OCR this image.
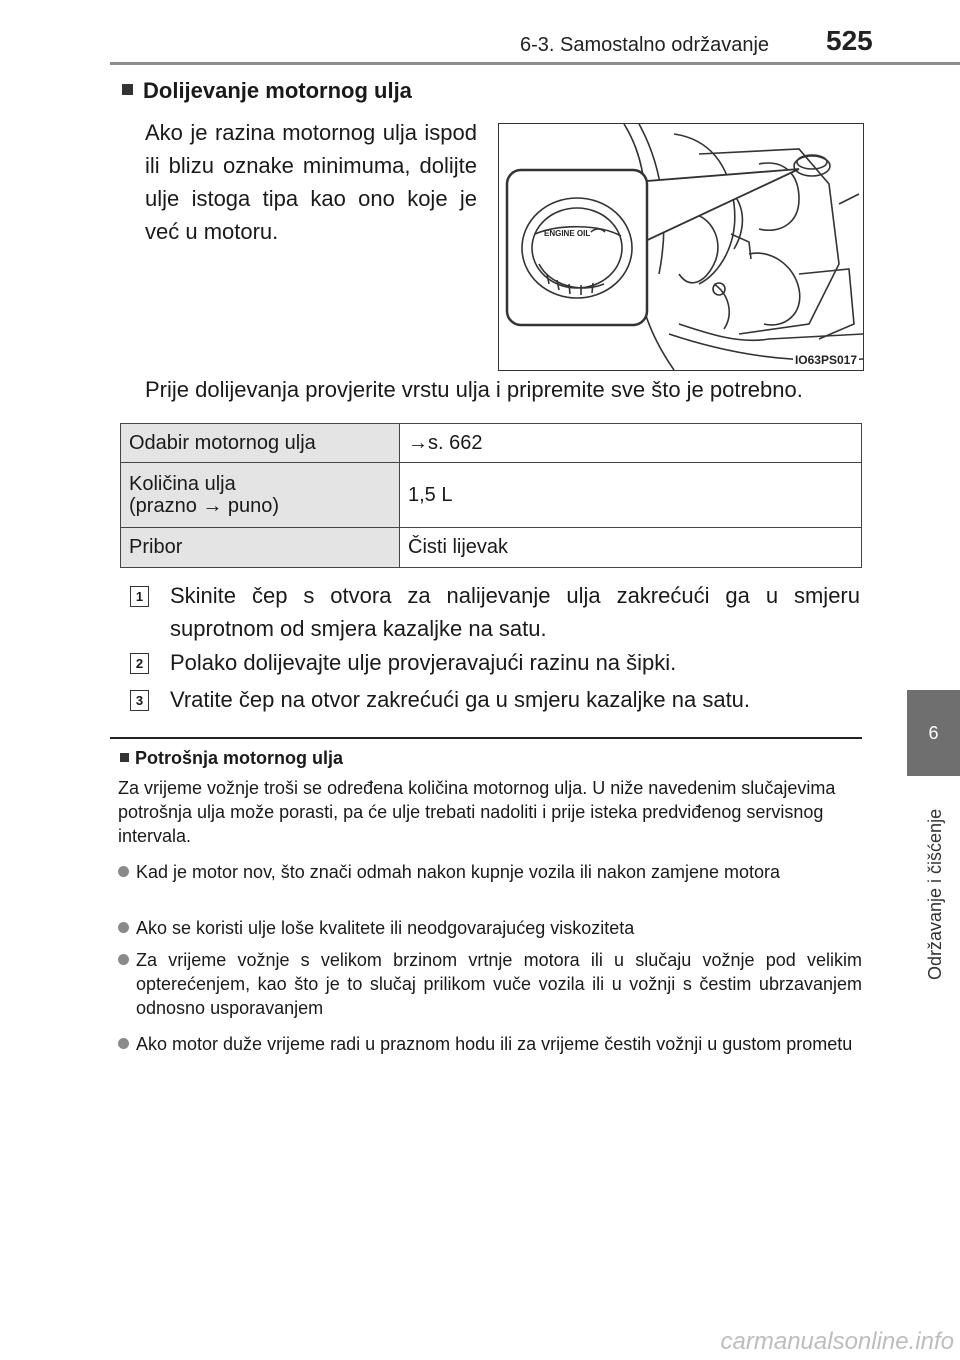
6-3. Samostalno održavanje 525
6
Održavanje i čišćenje
Dolijevanje motornog ulja
Ako je razina motornog ulja ispod ili blizu oznake minimuma, dolijte ulje istoga tipa kao ono koje je već u motoru.	ENGINE OIL
IO63PS017
Prije dolijevanja provjerite vrstu ulja i pripremite sve što je potrebno.
Odabir motornog ulja	→s. 662

Količina ulja
(prazno → puno)	1,5 L
Pribor	Čisti lijevak
1 Skinite čep s otvora za nalijevanje ulja zakrećući ga u smjeru suprotnom od smjera kazaljke na satu.
2 Polako dolijevajte ulje provjeravajući razinu na šipki.
3 Vratite čep na otvor zakrećući ga u smjeru kazaljke na satu.
Potrošnja motornog ulja
Za vrijeme vožnje troši se određena količina motornog ulja. U niže navedenim slučajevima potrošnja ulja može porasti, pa će ulje trebati nadoliti i prije isteka predviđenog servisnog intervala.
Kad je motor nov, što znači odmah nakon kupnje vozila ili nakon zamjene motora
Ako se koristi ulje loše kvalitete ili neodgovarajućeg viskoziteta
Za vrijeme vožnje s velikom brzinom vrtnje motora ili u slučaju vožnje pod velikim opterećenjem, kao što je to slučaj prilikom vuče vozila ili u vožnji s čestim ubrzavanjem odnosno usporavanjem
Ako motor duže vrijeme radi u praznom hodu ili za vrijeme čestih vožnji u gustom prometu
carmanualsonline.info
